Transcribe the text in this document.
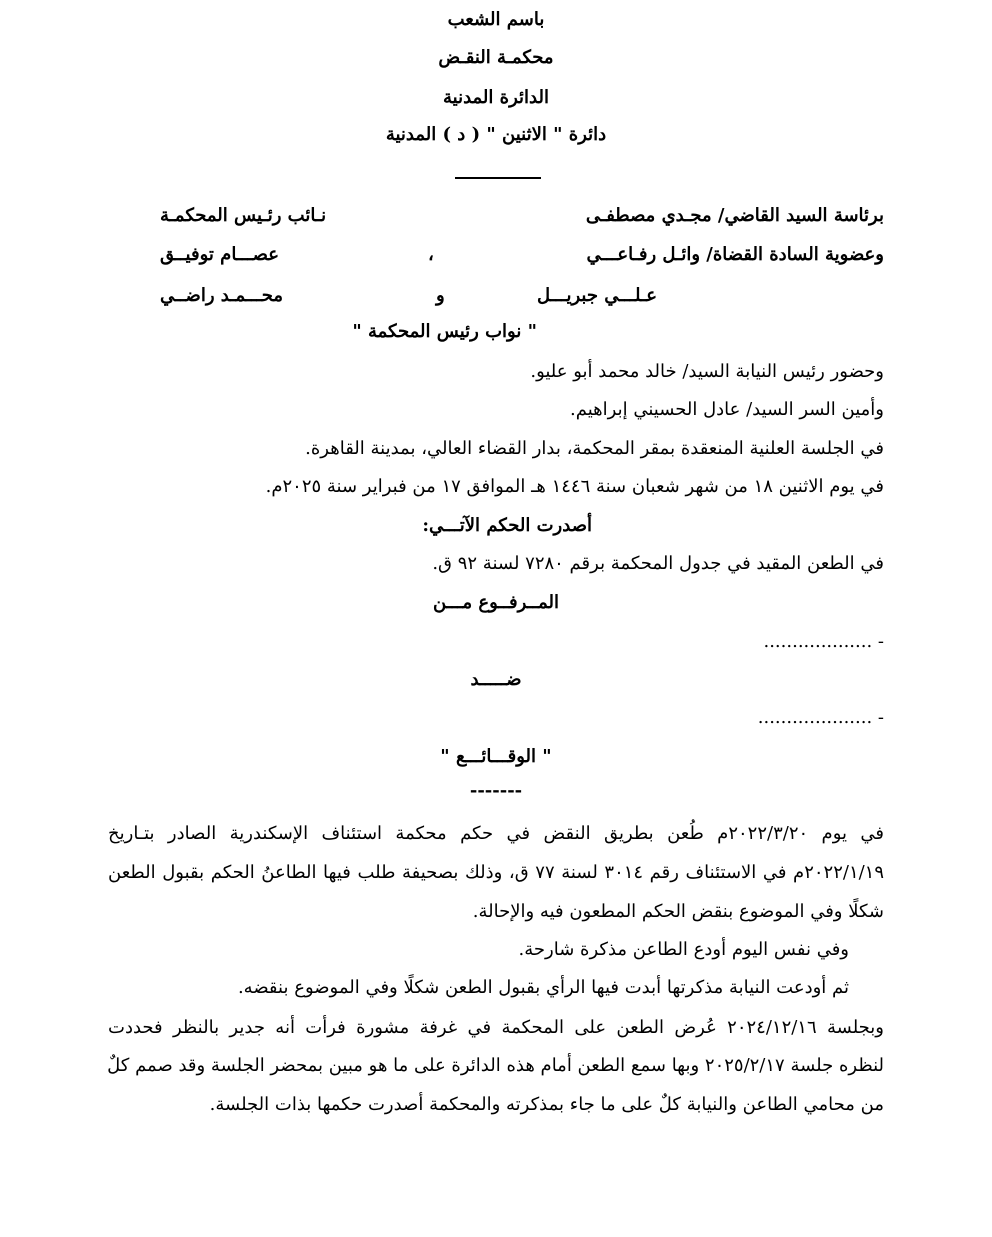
باسم الشعب
محكمـة النقـض
الدائرة المدنية
دائرة " الاثنين " ( د ) المدنية
برئاسة السيد القاضي/ مجـدي مصطفـى
نـائب رئـيس المحكمـة
وعضوية السادة القضاة/ وائـل رفـاعـــي
،
عصـــام توفيــق
عـلـــي جبريـــل
و
محـــمـد راضــي
" نواب رئيس المحكمة "
وحضور رئيس النيابة السيد/ خالد محمد أبو عليو.
وأمين السر السيد/ عادل الحسيني إبراهيم.
في الجلسة العلنية المنعقدة بمقر المحكمة، بدار القضاء العالي، بمدينة القاهرة.
في يوم الاثنين ١٨ من شهر شعبان سنة ١٤٤٦ هـ الموافق ١٧ من فبراير سنة ٢٠٢٥م.
أصدرت الحكم الآتـــي:
في الطعن المقيد في جدول المحكمة برقم ٧٢٨٠ لسنة ٩٢ ق.
المــرفــوع مـــن
- ...................
ضـــــد
- ....................
" الوقـــائـــع "
-------
في يوم ٢٠٢٢/٣/٢٠م طُعن بطريق النقض في حكم محكمة استئناف الإسكندرية الصادر بتـاريخ
٢٠٢٢/١/١٩م في الاستئناف رقم ٣٠١٤ لسنة ٧٧ ق، وذلك بصحيفة طلب فيها الطاعنُ الحكم بقبول الطعن
شكلًا وفي الموضوع بنقض الحكم المطعون فيه والإحالة.
وفي نفس اليوم أودع الطاعن مذكرة شارحة.
ثم أودعت النيابة مذكرتها أبدت فيها الرأي بقبول الطعن شكلًا وفي الموضوع بنقضه.
وبجلسة ٢٠٢٤/١٢/١٦ عُرض الطعن على المحكمة في غرفة مشورة فرأت أنه جدير بالنظر فحددت
لنظره جلسة ٢٠٢٥/٢/١٧ وبها سمع الطعن أمام هذه الدائرة على ما هو مبين بمحضر الجلسة وقد صمم كلٌ
من محامي الطاعن والنيابة كلٌ على ما جاء بمذكرته والمحكمة أصدرت حكمها بذات الجلسة.
